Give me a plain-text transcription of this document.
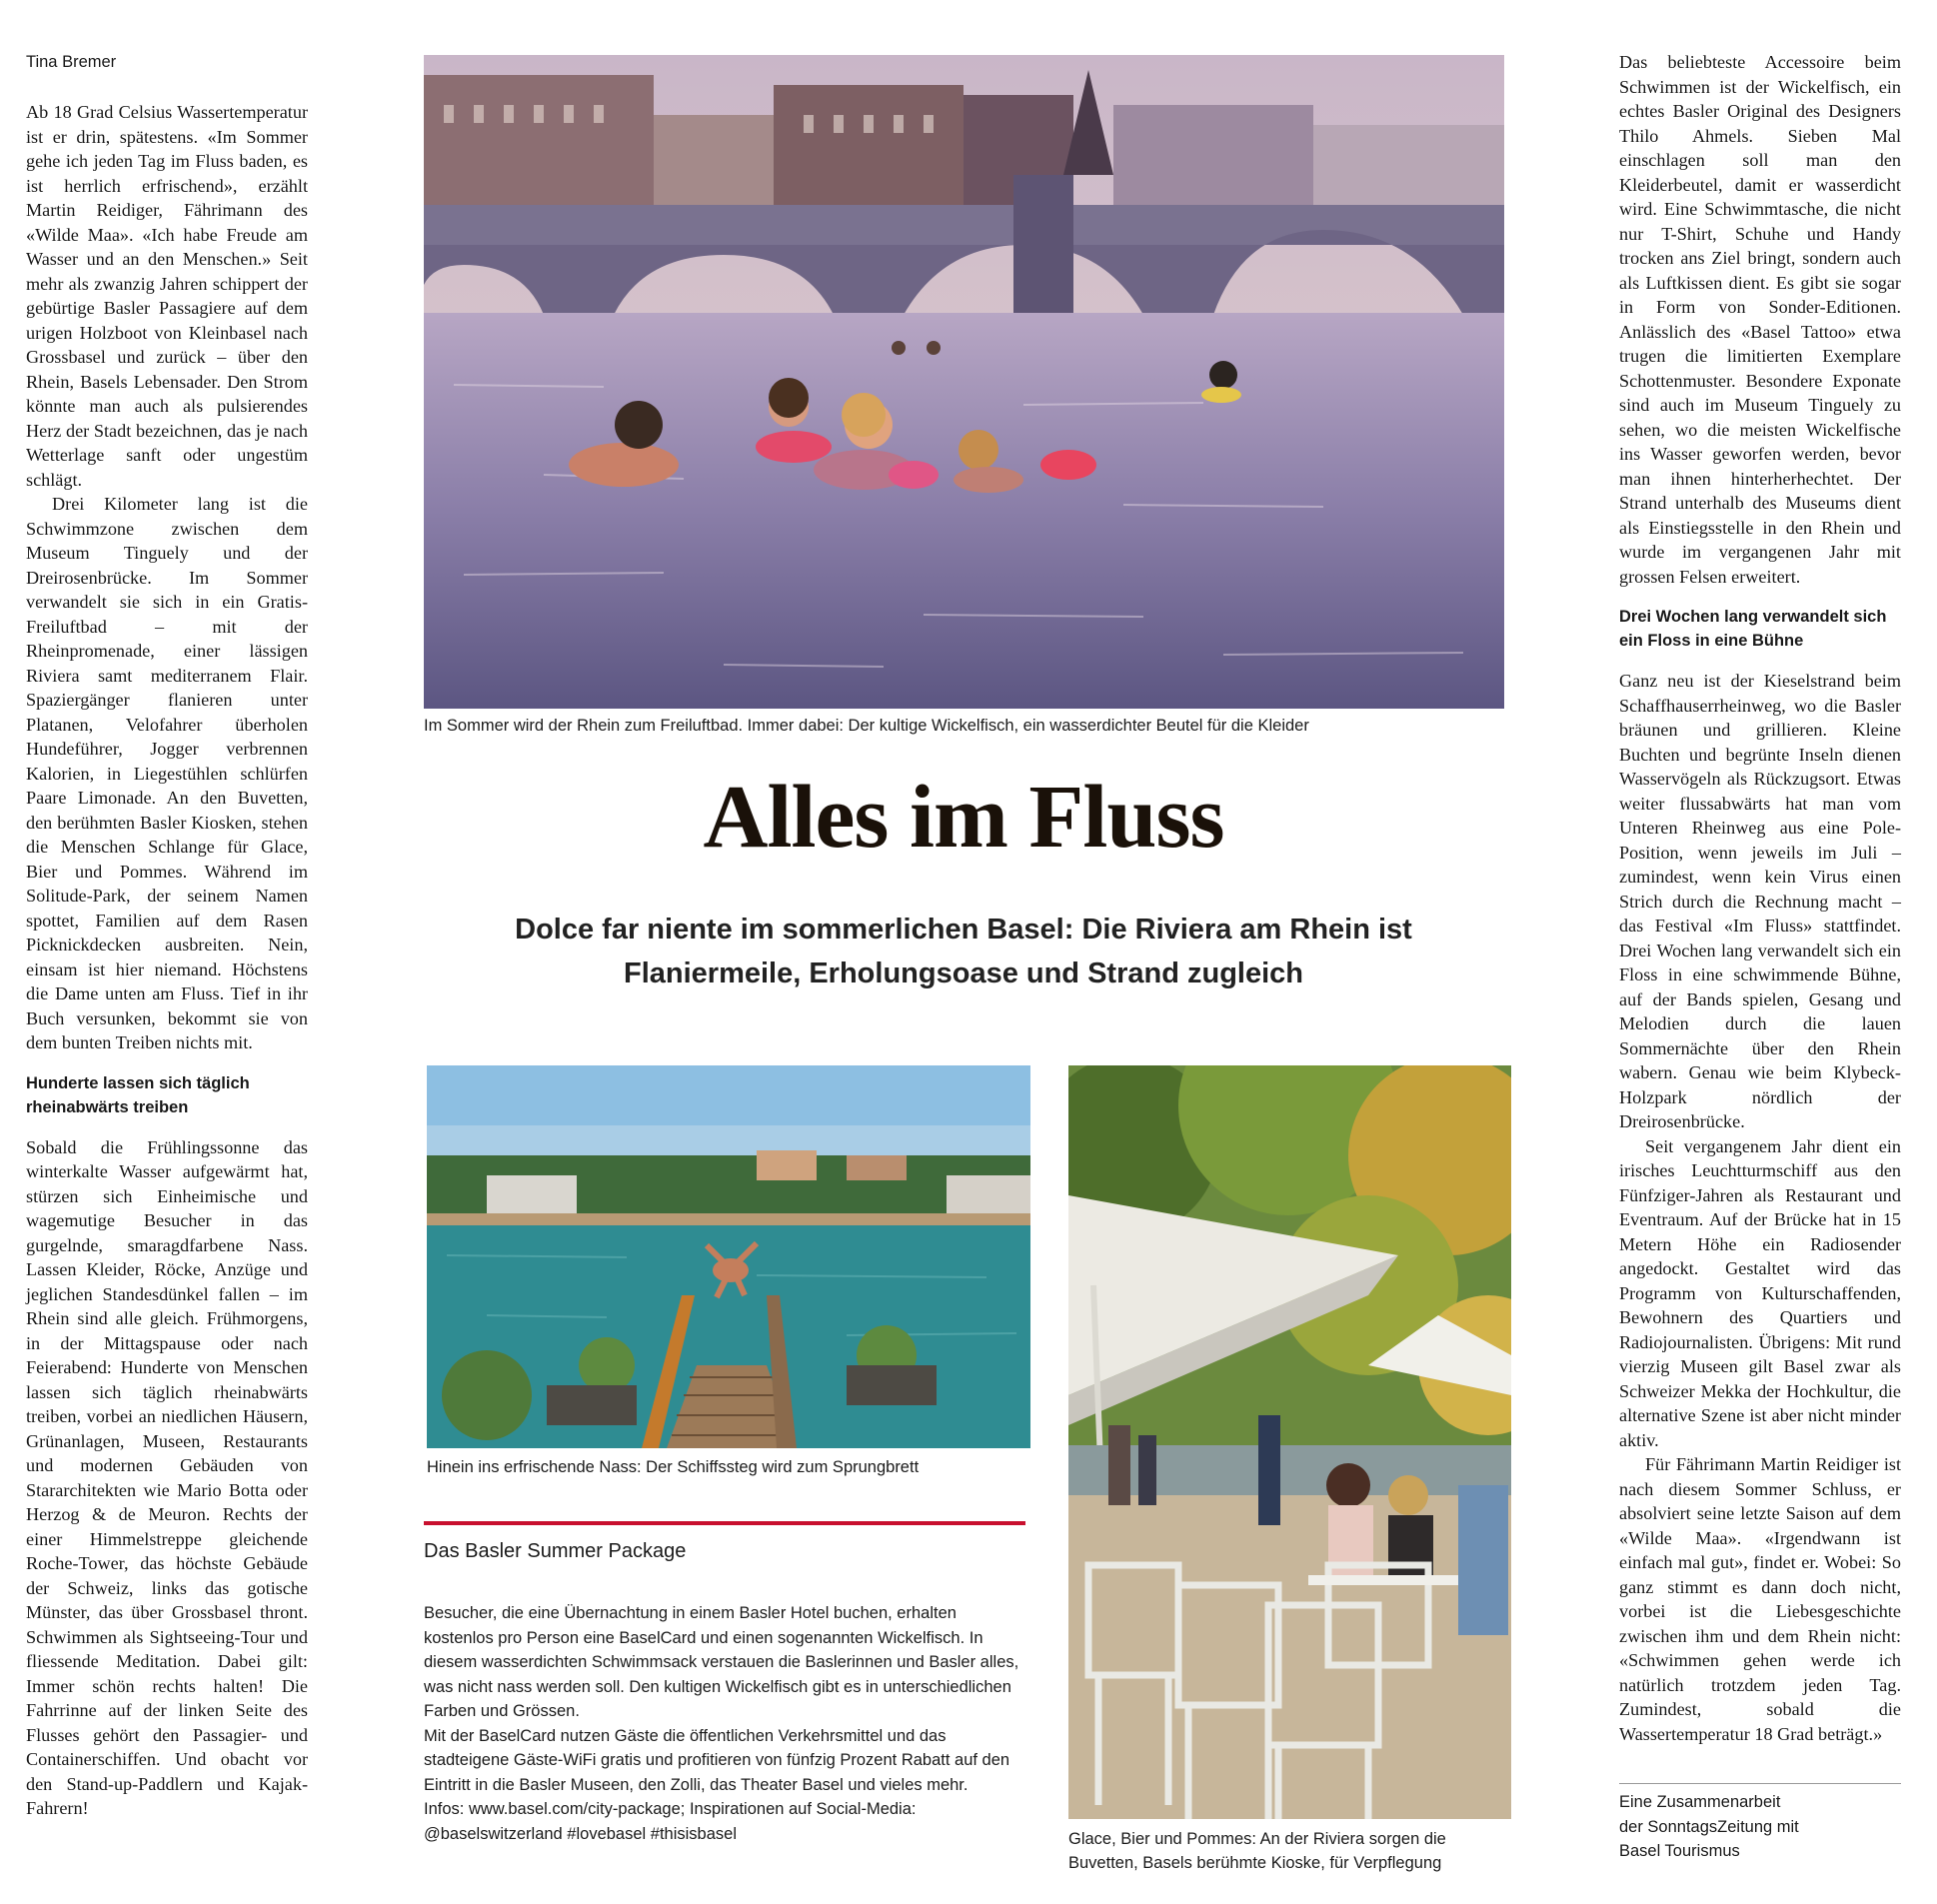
Tina Bremer

Ab 18 Grad Celsius Wassertemperatur ist er drin, spätestens. «Im Sommer gehe ich jeden Tag im Fluss baden, es ist herrlich erfrischend», erzählt Martin Reidiger, Fährimann des «Wilde Maa». «Ich habe Freude am Wasser und an den Menschen.» Seit mehr als zwanzig Jahren schippert der gebürtige Basler Passagiere auf dem urigen Holzboot von Kleinbasel nach Grossbasel und zurück – über den Rhein, Basels Lebensader. Den Strom könnte man auch als pulsierendes Herz der Stadt bezeichnen, das je nach Wetterlage sanft oder ungestüm schlägt.

Drei Kilometer lang ist die Schwimmzone zwischen dem Museum Tinguely und der Dreirosenbrücke. Im Sommer verwandelt sie sich in ein Gratis-Freiluftbad – mit der Rheinpromenade, einer lässigen Riviera samt mediterranem Flair. Spaziergänger flanieren unter Platanen, Velofahrer überholen Hundeführer, Jogger verbrennen Kalorien, in Liegestühlen schlürfen Paare Limonade. An den Buvetten, den berühmten Basler Kiosken, stehen die Menschen Schlange für Glace, Bier und Pommes. Während im Solitude-Park, der seinem Namen spottet, Familien auf dem Rasen Picknickdecken ausbreiten. Nein, einsam ist hier niemand. Höchstens die Dame unten am Fluss. Tief in ihr Buch versunken, bekommt sie von dem bunten Treiben nichts mit.

Hunderte lassen sich täglich rheinabwärts treiben

Sobald die Frühlingssonne das winterkalte Wasser aufgewärmt hat, stürzen sich Einheimische und wagemutige Besucher in das gurgelnde, smaragdfarbene Nass. Lassen Kleider, Röcke, Anzüge und jeglichen Standesdünkel fallen – im Rhein sind alle gleich. Frühmorgens, in der Mittagspause oder nach Feierabend: Hunderte von Menschen lassen sich täglich rheinabwärts treiben, vorbei an niedlichen Häusern, Grünanlagen, Museen, Restaurants und modernen Gebäuden von Stararchitekten wie Mario Botta oder Herzog & de Meuron. Rechts der einer Himmelstreppe gleichende Roche-Tower, das höchste Gebäude der Schweiz, links das gotische Münster, das über Grossbasel thront. Schwimmen als Sightseeing-Tour und fliessende Meditation. Dabei gilt: Immer schön rechts halten! Die Fahrrinne auf der linken Seite des Flusses gehört den Passagier- und Containerschiffen. Und obacht vor den Stand-up-Paddlern und Kajak-Fahrern!

Im Sommer wird der Rhein zum Freiluftbad. Immer dabei: Der kultige Wickelfisch, ein wasserdichter Beutel für die Kleider
Alles im Fluss
Dolce far niente im sommerlichen Basel: Die Riviera am Rhein ist Flaniermeile, Erholungsoase und Strand zugleich
Hinein ins erfrischende Nass: Der Schiffssteg wird zum Sprungbrett
Das Basler Summer Package

Besucher, die eine Übernachtung in einem Basler Hotel buchen, erhalten kostenlos pro Person eine BaselCard und einen sogenannten Wickelfisch. In diesem wasserdichten Schwimmsack verstauen die Baslerinnen und Basler alles, was nicht nass werden soll. Den kultigen Wickelfisch gibt es in unterschiedlichen Farben und Grössen.

Mit der BaselCard nutzen Gäste die öffentlichen Verkehrsmittel und das stadteigene Gäste-WiFi gratis und profitieren von fünfzig Prozent Rabatt auf den Eintritt in die Basler Museen, den Zolli, das Theater Basel und vieles mehr.

Infos: www.basel.com/city-package; Inspirationen auf Social-Media: @baselswitzerland #lovebasel #thisisbasel	Glace, Bier und Pommes: An der Riviera sorgen die Buvetten, Basels berühmte Kioske, für Verpflegung

Das beliebteste Accessoire beim Schwimmen ist der Wickelfisch, ein echtes Basler Original des Designers Thilo Ahmels. Sieben Mal einschlagen soll man den Kleiderbeutel, damit er wasserdicht wird. Eine Schwimmtasche, die nicht nur T-Shirt, Schuhe und Handy trocken ans Ziel bringt, sondern auch als Luftkissen dient. Es gibt sie sogar in Form von Sonder-Editionen. Anlässlich des «Basel Tattoo» etwa trugen die limitierten Exemplare Schottenmuster. Besondere Exponate sind auch im Museum Tinguely zu sehen, wo die meisten Wickelfische ins Wasser geworfen werden, bevor man ihnen hinterherhechtet. Der Strand unterhalb des Museums dient als Einstiegsstelle in den Rhein und wurde im vergangenen Jahr mit grossen Felsen erweitert.

Drei Wochen lang verwandelt sich ein Floss in eine Bühne

Ganz neu ist der Kieselstrand beim Schaffhauserrheinweg, wo die Basler bräunen und grillieren. Kleine Buchten und begrünte Inseln dienen Wasservögeln als Rückzugsort. Etwas weiter flussabwärts hat man vom Unteren Rheinweg aus eine Pole-Position, wenn jeweils im Juli – zumindest, wenn kein Virus einen Strich durch die Rechnung macht – das Festival «Im Fluss» stattfindet. Drei Wochen lang verwandelt sich ein Floss in eine schwimmende Bühne, auf der Bands spielen, Gesang und Melodien durch die lauen Sommernächte über den Rhein wabern. Genau wie beim Klybeck-Holzpark nördlich der Dreirosenbrücke.

Seit vergangenem Jahr dient ein irisches Leuchtturmschiff aus den Fünfziger-Jahren als Restaurant und Eventraum. Auf der Brücke hat in 15 Metern Höhe ein Radiosender angedockt. Gestaltet wird das Programm von Kulturschaffenden, Bewohnern des Quartiers und Radiojournalisten. Übrigens: Mit rund vierzig Museen gilt Basel zwar als Schweizer Mekka der Hochkultur, die alternative Szene ist aber nicht minder aktiv.

Für Fährimann Martin Reidiger ist nach diesem Sommer Schluss, er absolviert seine letzte Saison auf dem «Wilde Maa». «Irgendwann ist einfach mal gut», findet er. Wobei: So ganz stimmt es dann doch nicht, vorbei ist die Liebesgeschichte zwischen ihm und dem Rhein nicht: «Schwimmen gehen werde ich natürlich trotzdem jeden Tag. Zumindest, sobald die Wassertemperatur 18 Grad beträgt.»

Eine Zusammenarbeit
der SonntagsZeitung mit
Basel Tourismus
